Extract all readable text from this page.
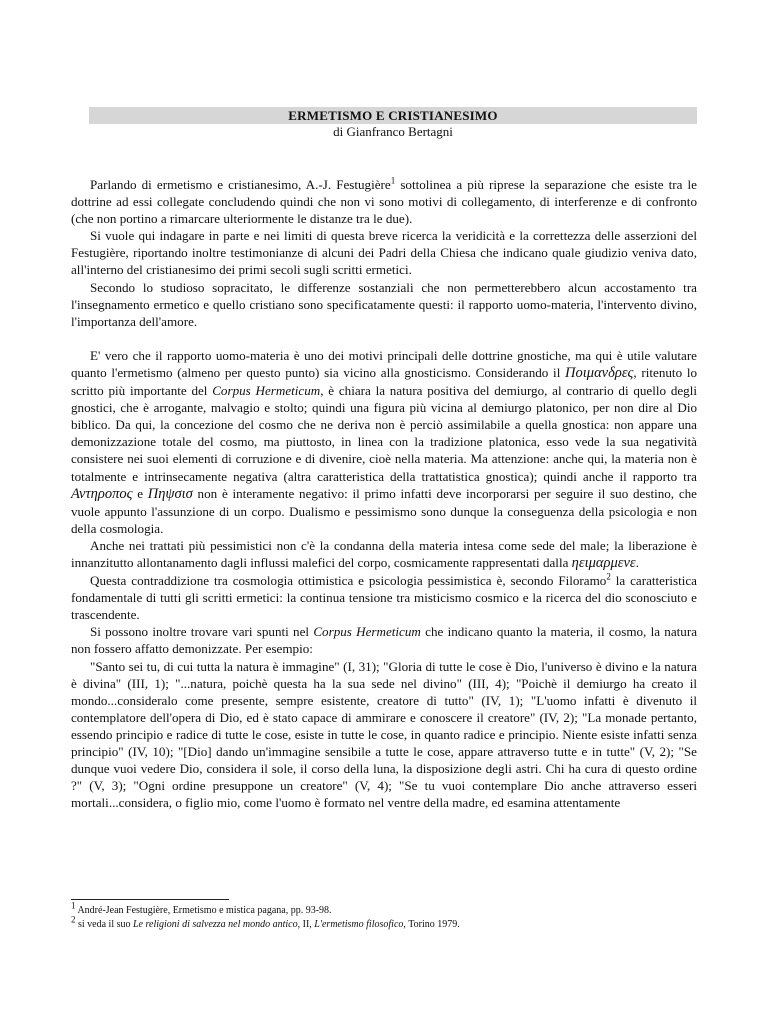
ERMETISMO E CRISTIANESIMO
di Gianfranco Bertagni

Parlando di ermetismo e cristianesimo, A.-J. Festugière$^1$ sottolinea a più riprese la separazione che esiste tra le dottrine ad essi collegate concludendo quindi che non vi sono motivi di collegamento, di interferenze e di confronto (che non portino a rimarcare ulteriormente le distanze tra le due).

Si vuole qui indagare in parte e nei limiti di questa breve ricerca la veridicità e la correttezza delle asserzioni del Festugière, riportando inoltre testimonianze di alcuni dei Padri della Chiesa che indicano quale giudizio veniva dato, all'interno del cristianesimo dei primi secoli sugli scritti ermetici.

Secondo lo studioso sopracitato, le differenze sostanziali che non permetterebbero alcun accostamento tra l'insegnamento ermetico e quello cristiano sono specificatamente questi: il rapporto uomo-materia, l'intervento divino, l'importanza dell'amore.

E' vero che il rapporto uomo-materia è uno dei motivi principali delle dottrine gnostiche, ma qui è utile valutare quanto l'ermetismo (almeno per questo punto) sia vicino alla gnosticismo. Considerando il Ποιμανδρες, ritenuto lo scritto più importante del Corpus Hermeticum, è chiara la natura positiva del demiurgo, al contrario di quello degli gnostici, che è arrogante, malvagio e stolto; quindi una figura più vicina al demiurgo platonico, per non dire al Dio biblico. Da qui, la concezione del cosmo che ne deriva non è perciò assimilabile a quella gnostica: non appare una demonizzazione totale del cosmo, ma piuttosto, in linea con la tradizione platonica, esso vede la sua negatività consistere nei suoi elementi di corruzione e di divenire, cioè nella materia. Ma attenzione: anche qui, la materia non è totalmente e intrinsecamente negativa (altra caratteristica della trattatistica gnostica); quindi anche il rapporto tra Αντηροπος e Πηψσισ non è interamente negativo: il primo infatti deve incorporarsi per seguire il suo destino, che vuole appunto l'assunzione di un corpo. Dualismo e pessimismo sono dunque la conseguenza della psicologia e non della cosmologia.

Anche nei trattati più pessimistici non c'è la condanna della materia intesa come sede del male; la liberazione è innanzitutto allontanamento dagli influssi malefici del corpo, cosmicamente rappresentati dalla ηειμαρμενε.

Questa contraddizione tra cosmologia ottimistica e psicologia pessimistica è, secondo Filoramo$^2$ la caratteristica fondamentale di tutti gli scritti ermetici: la continua tensione tra misticismo cosmico e la ricerca del dio sconosciuto e trascendente.

Si possono inoltre trovare vari spunti nel Corpus Hermeticum che indicano quanto la materia, il cosmo, la natura non fossero affatto demonizzate. Per esempio:

"Santo sei tu, di cui tutta la natura è immagine" (I, 31); "Gloria di tutte le cose è Dio, l'universo è divino e la natura è divina" (III, 1); "...natura, poichè questa ha la sua sede nel divino" (III, 4); "Poichè il demiurgo ha creato il mondo...consideralo come presente, sempre esistente, creatore di tutto" (IV, 1); "L'uomo infatti è divenuto il contemplatore dell'opera di Dio, ed è stato capace di ammirare e conoscere il creatore" (IV, 2); "La monade pertanto, essendo principio e radice di tutte le cose, esiste in tutte le cose, in quanto radice e principio. Niente esiste infatti senza principio" (IV, 10); "[Dio] dando un'immagine sensibile a tutte le cose, appare attraverso tutte e in tutte" (V, 2); "Se dunque vuoi vedere Dio, considera il sole, il corso della luna, la disposizione degli astri. Chi ha cura di questo ordine ?" (V, 3); "Ogni ordine presuppone un creatore" (V, 4); "Se tu vuoi contemplare Dio anche attraverso esseri mortali...considera, o figlio mio, come l'uomo è formato nel ventre della madre, ed esamina attentamente

$^1$ André-Jean Festugière, Ermetismo e mistica pagana, pp. 93-98.
$^2$ si veda il suo Le religioni di salvezza nel mondo antico, II, L'ermetismo filosofico, Torino 1979.
